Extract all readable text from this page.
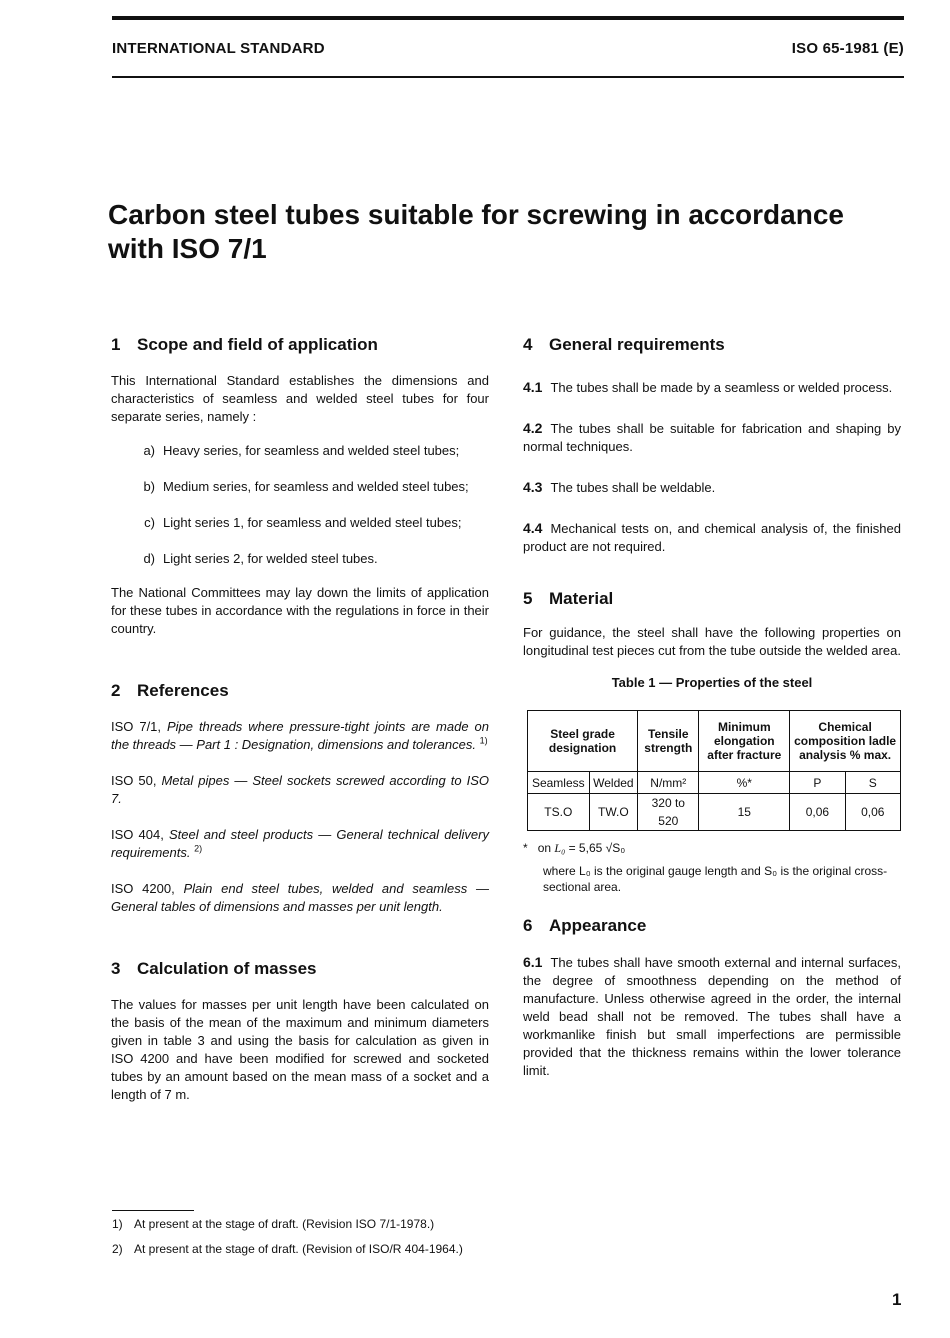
INTERNATIONAL STANDARD	ISO 65-1981 (E)
Carbon steel tubes suitable for screwing in accordance
with ISO 7/1
1 Scope and field of application

This International Standard establishes the dimensions and characteristics of seamless and welded steel tubes for four separate series, namely :

a) Heavy series, for seamless and welded steel tubes;
b) Medium series, for seamless and welded steel tubes;
c) Light series 1, for seamless and welded steel tubes;
d) Light series 2, for welded steel tubes.

The National Committees may lay down the limits of application for these tubes in accordance with the regulations in force in their country.

2 References

ISO 7/1, Pipe threads where pressure-tight joints are made on the threads — Part 1 : Designation, dimensions and tolerances. $^{1)}$

ISO 50, Metal pipes — Steel sockets screwed according to ISO 7.

ISO 404, Steel and steel products — General technical delivery requirements. $^{2)}$

ISO 4200, Plain end steel tubes, welded and seamless — General tables of dimensions and masses per unit length.

3 Calculation of masses

The values for masses per unit length have been calculated on the basis of the mean of the maximum and minimum diameters given in table 3 and using the basis for calculation as given in ISO 4200 and have been modified for screwed and socketed tubes by an amount based on the mean mass of a socket and a length of 7 m.

4 General requirements

4.1 The tubes shall be made by a seamless or welded process.

4.2 The tubes shall be suitable for fabrication and shaping by normal techniques.

4.3 The tubes shall be weldable.

4.4 Mechanical tests on, and chemical analysis of, the finished product are not required.

5 Material

For guidance, the steel shall have the following properties on longitudinal test pieces cut from the tube outside the welded area.

Table 1 — Properties of the steel
Steel grade designation		Tensile strength	Minimum elongation after fracture	Chemical composition ladle analysis % max.	
Seamless	Welded	N/mm²	%*	P	S
TS.O	TW.O	320 to 520	15	0,06	0,06
* on L₀ = 5,65 √S₀

where L₀ is the original gauge length and S₀ is the original cross-sectional area.

6 Appearance

6.1 The tubes shall have smooth external and internal surfaces, the degree of smoothness depending on the method of manufacture. Unless otherwise agreed in the order, the internal weld bead shall not be removed. The tubes shall have a workmanlike finish but small imperfections are permissible provided that the thickness remains within the lower tolerance limit.

1) At present at the stage of draft. (Revision ISO 7/1-1978.)
2) At present at the stage of draft. (Revision of ISO/R 404-1964.)
1
